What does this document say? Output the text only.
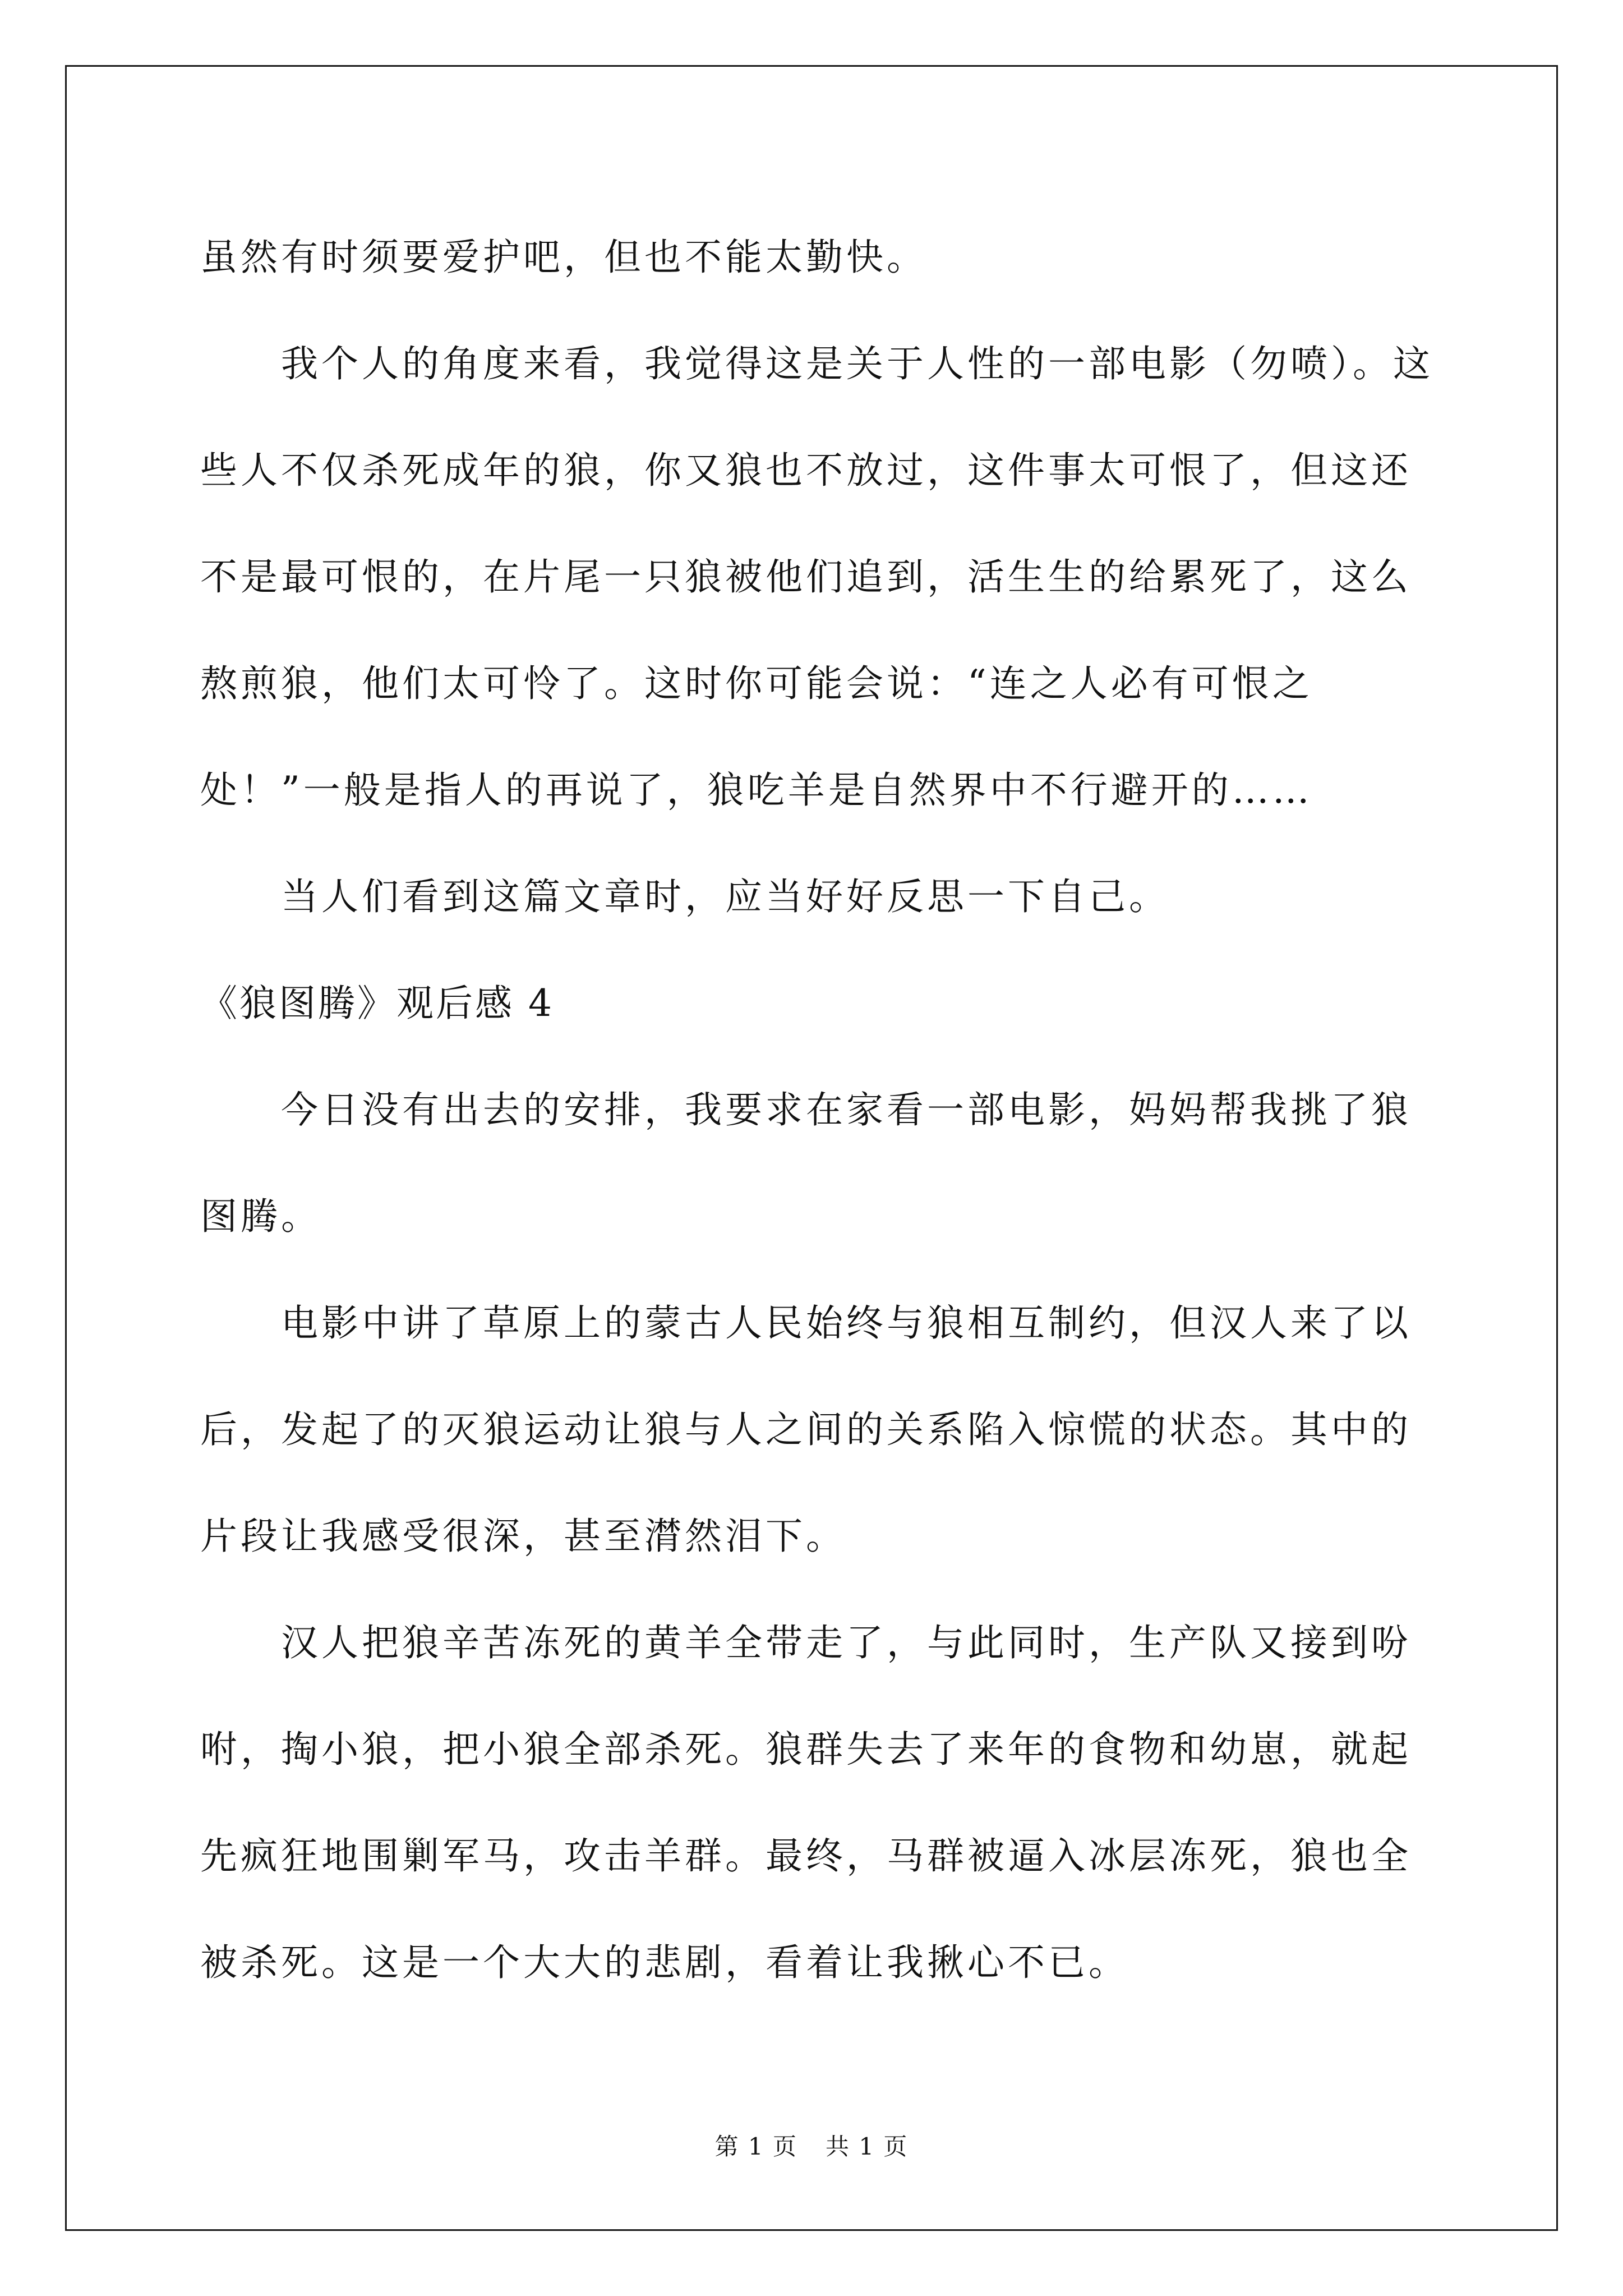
虽然有时须要爱护吧，但也不能太勤快。

我个人的角度来看，我觉得这是关于人性的一部电影（勿喷）。这些人不仅杀死成年的狼，你又狼也不放过，这件事太可恨了，但这还不是最可恨的，在片尾一只狼被他们追到，活生生的给累死了，这么熬煎狼，他们太可怜了。这时你可能会说：“连之人必有可恨之处！”一般是指人的再说了，狼吃羊是自然界中不行避开的……

当人们看到这篇文章时，应当好好反思一下自己。

《狼图腾》观后感 4

今日没有出去的安排，我要求在家看一部电影，妈妈帮我挑了狼图腾。

电影中讲了草原上的蒙古人民始终与狼相互制约，但汉人来了以后，发起了的灭狼运动让狼与人之间的关系陷入惊慌的状态。其中的片段让我感受很深，甚至潸然泪下。

汉人把狼辛苦冻死的黄羊全带走了，与此同时，生产队又接到吩咐，掏小狼，把小狼全部杀死。狼群失去了来年的食物和幼崽，就起先疯狂地围剿军马，攻击羊群。最终，马群被逼入冰层冻死，狼也全被杀死。这是一个大大的悲剧，看着让我揪心不已。

第 1 页 共 1 页
